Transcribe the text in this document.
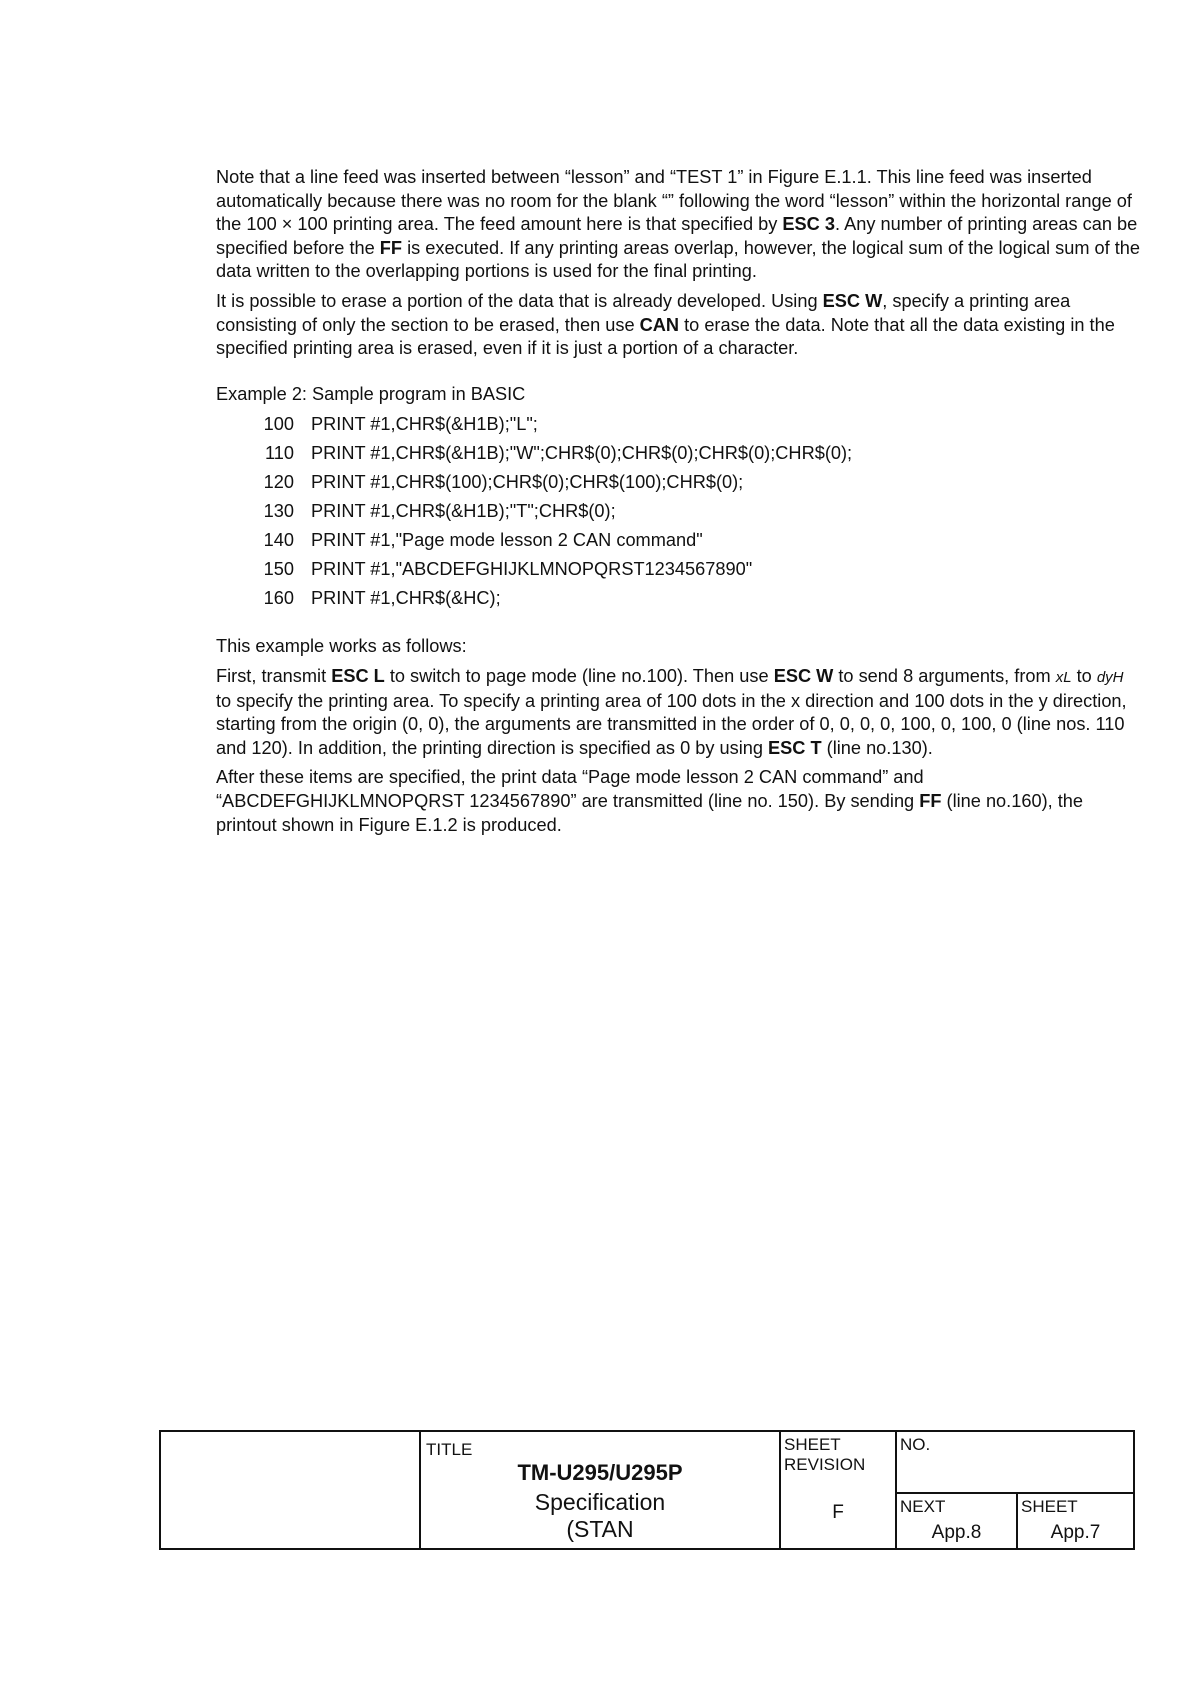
Note that a line feed was inserted between “lesson” and “TEST 1” in Figure E.1.1. This line feed was inserted automatically because there was no room for the blank “” following the word “lesson” within the horizontal range of the 100 × 100 printing area. The feed amount here is that specified by ESC 3. Any number of printing areas can be specified before the FF is executed. If any printing areas overlap, however, the logical sum of the logical sum of the data written to the overlapping portions is used for the final printing.

It is possible to erase a portion of the data that is already developed. Using ESC W, specify a printing area consisting of only the section to be erased, then use CAN to erase the data. Note that all the data existing in the specified printing area is erased, even if it is just a portion of a character.

Example 2: Sample program in BASIC
100 PRINT #1,CHR$(&H1B);"L";
110 PRINT #1,CHR$(&H1B);"W";CHR$(0);CHR$(0);CHR$(0);CHR$(0);
120 PRINT #1,CHR$(100);CHR$(0);CHR$(100);CHR$(0);
130 PRINT #1,CHR$(&H1B);"T";CHR$(0);
140 PRINT #1,"Page mode lesson 2 CAN command"
150 PRINT #1,"ABCDEFGHIJKLMNOPQRST1234567890"
160 PRINT #1,CHR$(&HC);
This example works as follows:

First, transmit ESC L to switch to page mode (line no.100). Then use ESC W to send 8 arguments, from xL to dyH to specify the printing area. To specify a printing area of 100 dots in the x direction and 100 dots in the y direction, starting from the origin (0, 0), the arguments are transmitted in the order of 0, 0, 0, 0, 100, 0, 100, 0 (line nos. 110 and 120). In addition, the printing direction is specified as 0 by using ESC T (line no.130).

After these items are specified, the print data “Page mode lesson 2 CAN command” and “ABCDEFGHIJKLMNOPQRST 1234567890” are transmitted (line no. 150). By sending FF (line no.160), the printout shown in Figure E.1.2 is produced.

TITLE
TM-U295/U295P
Specification
(STAN
SHEET
REVISION
F
NO.
NEXT
App.8
SHEET
App.7
